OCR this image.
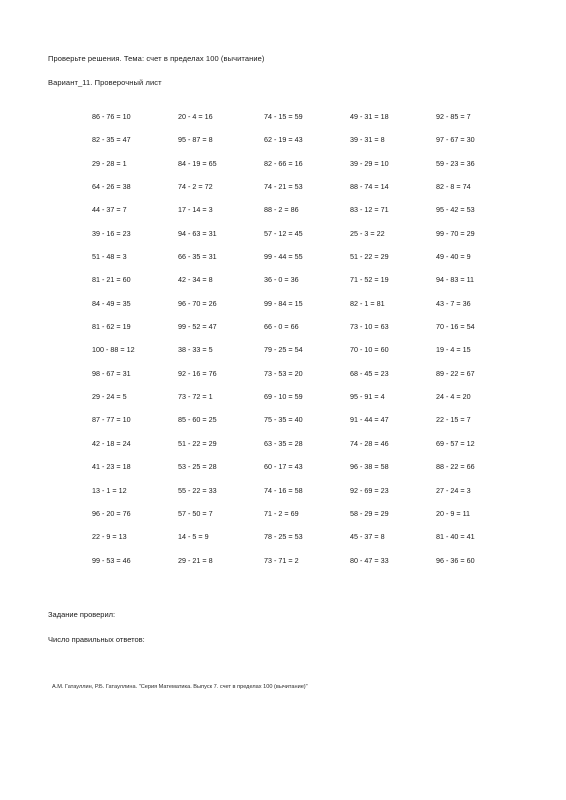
Проверьте решения. Тема: счет в пределах 100 (вычитание)
Вариант_11. Проверочный лист
86 - 76 = 10	20 - 4 = 16	74 - 15 = 59	49 - 31 = 18	92 - 85 = 7
82 - 35 = 47	95 - 87 = 8	62 - 19 = 43	39 - 31 = 8	97 - 67 = 30
29 - 28 = 1	84 - 19 = 65	82 - 66 = 16	39 - 29 = 10	59 - 23 = 36
64 - 26 = 38	74 - 2 = 72	74 - 21 = 53	88 - 74 = 14	82 - 8 = 74
44 - 37 = 7	17 - 14 = 3	88 - 2 = 86	83 - 12 = 71	95 - 42 = 53
39 - 16 = 23	94 - 63 = 31	57 - 12 = 45	25 - 3 = 22	99 - 70 = 29
51 - 48 = 3	66 - 35 = 31	99 - 44 = 55	51 - 22 = 29	49 - 40 = 9
81 - 21 = 60	42 - 34 = 8	36 - 0 = 36	71 - 52 = 19	94 - 83 = 11
84 - 49 = 35	96 - 70 = 26	99 - 84 = 15	82 - 1 = 81	43 - 7 = 36
81 - 62 = 19	99 - 52 = 47	66 - 0 = 66	73 - 10 = 63	70 - 16 = 54
100 - 88 = 12	38 - 33 = 5	79 - 25 = 54	70 - 10 = 60	19 - 4 = 15
98 - 67 = 31	92 - 16 = 76	73 - 53 = 20	68 - 45 = 23	89 - 22 = 67
29 - 24 = 5	73 - 72 = 1	69 - 10 = 59	95 - 91 = 4	24 - 4 = 20
87 - 77 = 10	85 - 60 = 25	75 - 35 = 40	91 - 44 = 47	22 - 15 = 7
42 - 18 = 24	51 - 22 = 29	63 - 35 = 28	74 - 28 = 46	69 - 57 = 12
41 - 23 = 18	53 - 25 = 28	60 - 17 = 43	96 - 38 = 58	88 - 22 = 66
13 - 1 = 12	55 - 22 = 33	74 - 16 = 58	92 - 69 = 23	27 - 24 = 3
96 - 20 = 76	57 - 50 = 7	71 - 2 = 69	58 - 29 = 29	20 - 9 = 11
22 - 9 = 13	14 - 5 = 9	78 - 25 = 53	45 - 37 = 8	81 - 40 = 41
99 - 53 = 46	29 - 21 = 8	73 - 71 = 2	80 - 47 = 33	96 - 36 = 60
Задание проверил:
Число правильных ответов:
А.М. Гатауллин, Р.Б. Гатауллина. "Серия Математика. Выпуск 7. счет в пределах 100 (вычитание)"
